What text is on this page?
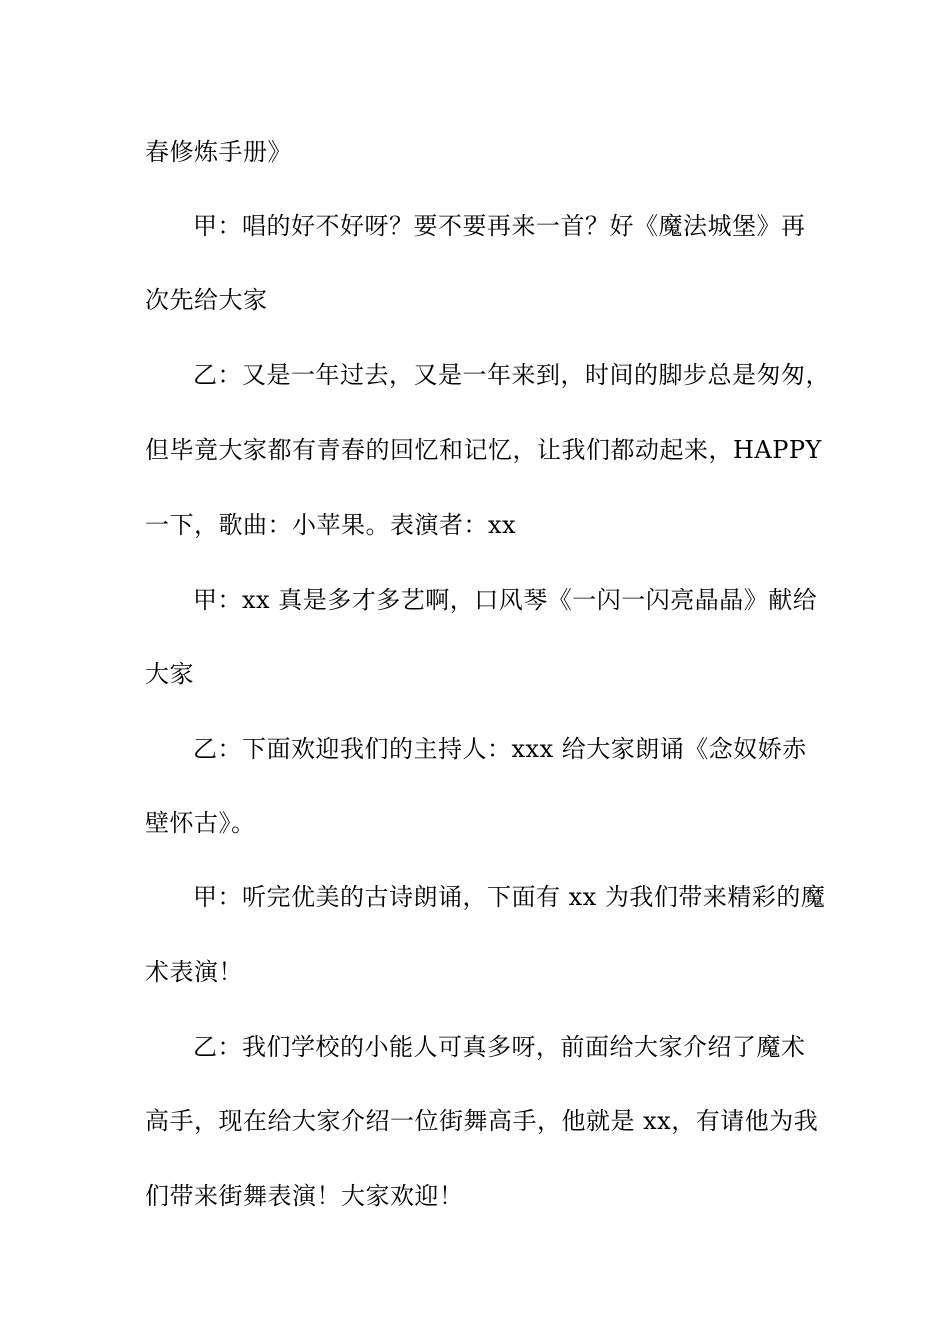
春修炼手册》
甲：唱的好不好呀？要不要再来一首？好《魔法城堡》再
次先给大家
乙：又是一年过去，又是一年来到，时间的脚步总是匆匆，
但毕竟大家都有青春的回忆和记忆，让我们都动起来，HAPPY
一下，歌曲：小苹果。表演者：xx
甲：xx 真是多才多艺啊，口风琴《一闪一闪亮晶晶》献给
大家
乙：下面欢迎我们的主持人：xxx 给大家朗诵《念奴娇赤
壁怀古》。
甲：听完优美的古诗朗诵，下面有 xx 为我们带来精彩的魔
术表演！
乙：我们学校的小能人可真多呀，前面给大家介绍了魔术
高手，现在给大家介绍一位街舞高手，他就是 xx，有请他为我
们带来街舞表演！大家欢迎！
